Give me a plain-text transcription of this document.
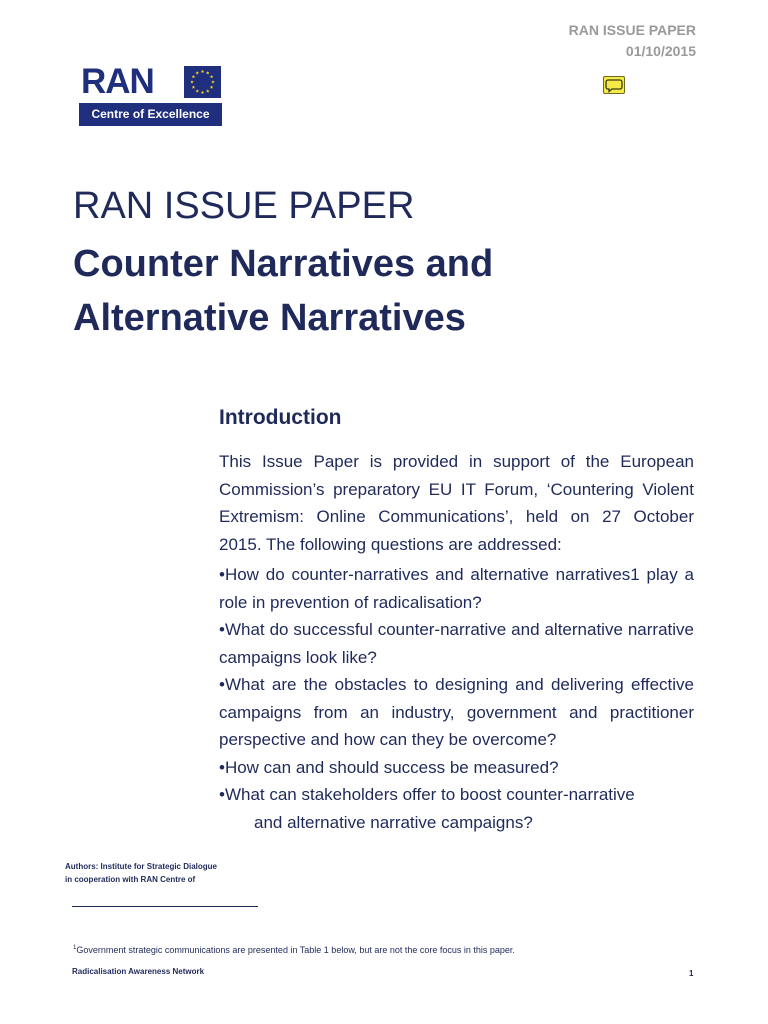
RAN ISSUE PAPER
01/10/2015
RAN
Centre of Excellence
RAN ISSUE PAPER
Counter Narratives and
Alternative Narratives
Introduction

This Issue Paper is provided in support of the European Commission’s preparatory EU IT Forum, ‘Countering Violent Extremism: Online Communications’, held on 27 October 2015. The following questions are addressed:

•How do counter-narratives and alternative narratives1 play a role in prevention of radicalisation?
•What do successful counter-narrative and alternative narrative campaigns look like?
•What are the obstacles to designing and delivering effective campaigns from an industry, government and practitioner perspective and how can they be overcome?
•How can and should success be measured?
•What can stakeholders offer to boost counter-narrative
and alternative narrative campaigns?
Authors: Institute for Strategic Dialogue
in cooperation with RAN Centre of
$^1$Government strategic communications are presented in Table 1 below, but are not the core focus in this paper.
Radicalisation Awareness Network	1
